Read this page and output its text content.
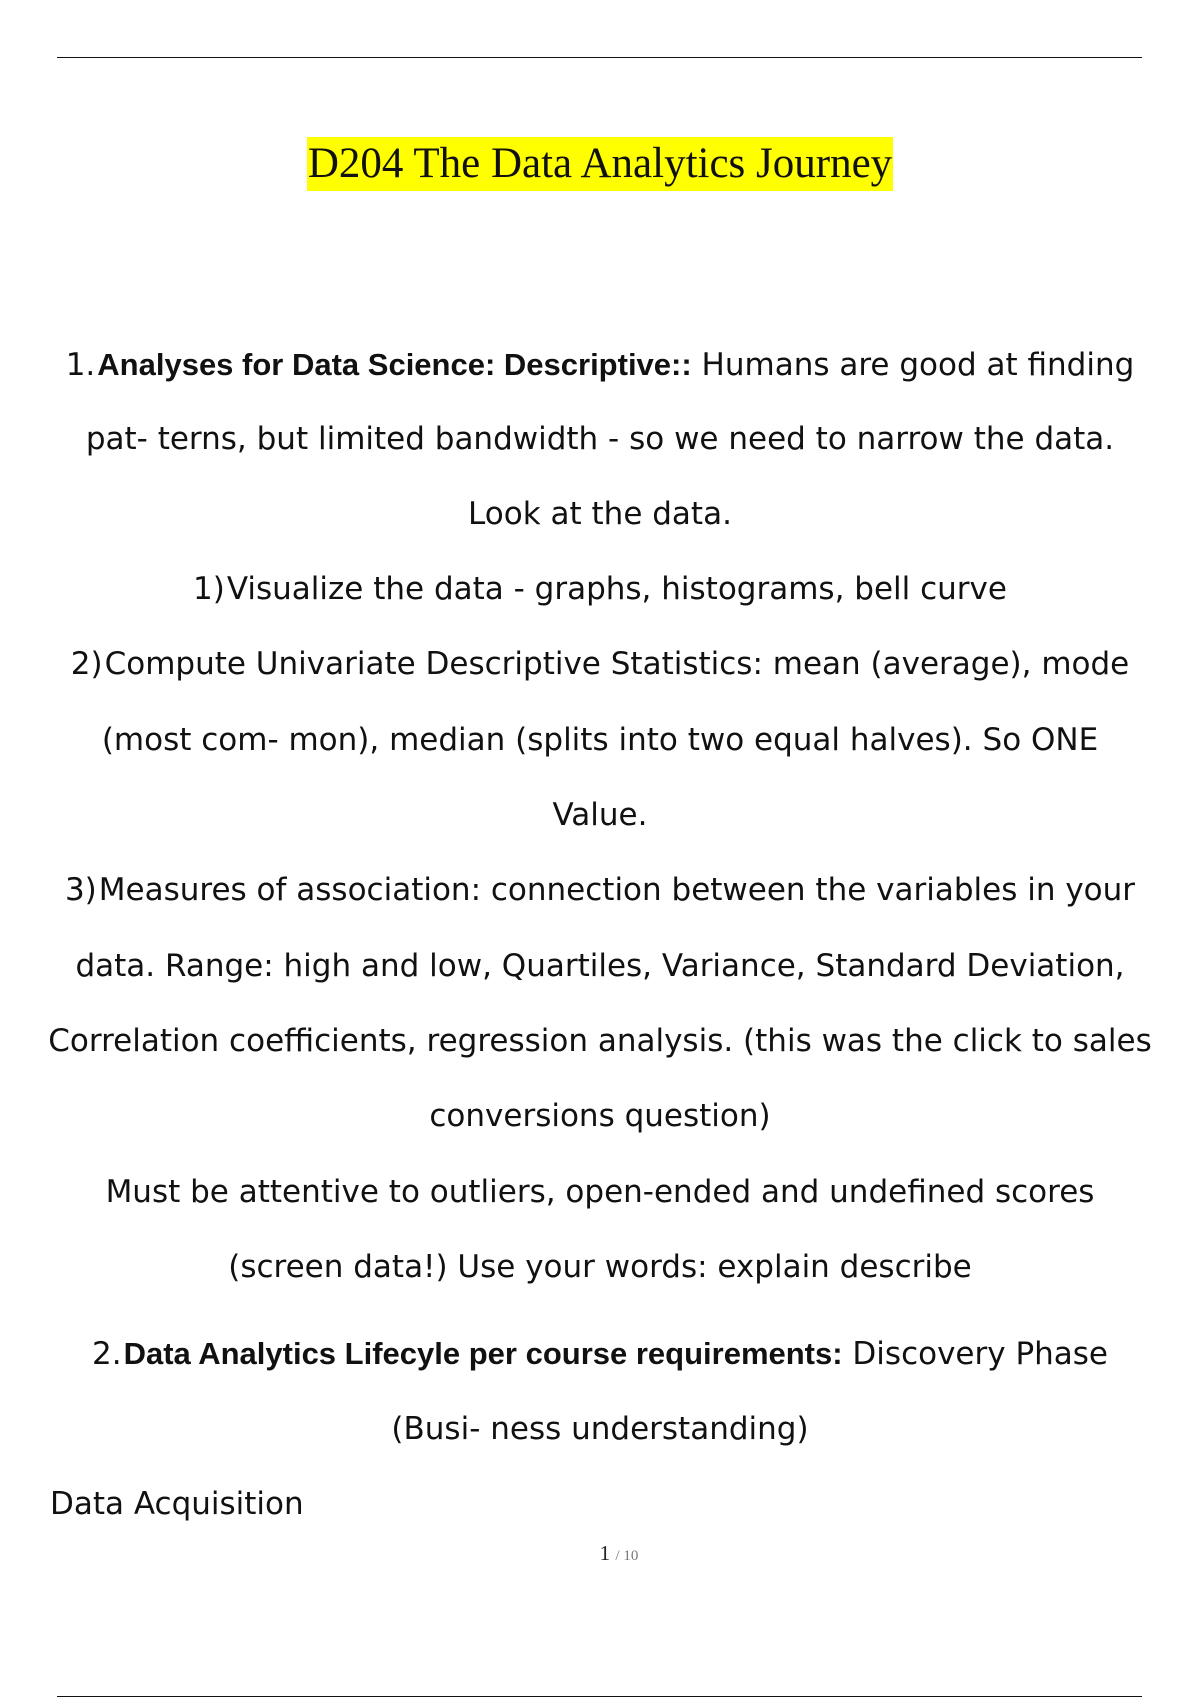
D204 The Data Analytics Journey
1.Analyses for Data Science: Descriptive:: Humans are good at finding
pat- terns, but limited bandwidth - so we need to narrow the data.
Look at the data.
1)Visualize the data - graphs, histograms, bell curve
2)Compute Univariate Descriptive Statistics: mean (average), mode
(most com- mon), median (splits into two equal halves). So ONE
Value.
3)Measures of association: connection between the variables in your
data. Range: high and low, Quartiles, Variance, Standard Deviation,
Correlation coefficients, regression analysis. (this was the click to sales
conversions question)
Must be attentive to outliers, open-ended and undefined scores
(screen data!) Use your words: explain describe
2.Data Analytics Lifecyle per course requirements: Discovery Phase
(Busi- ness understanding)
Data Acquisition
1 / 10
